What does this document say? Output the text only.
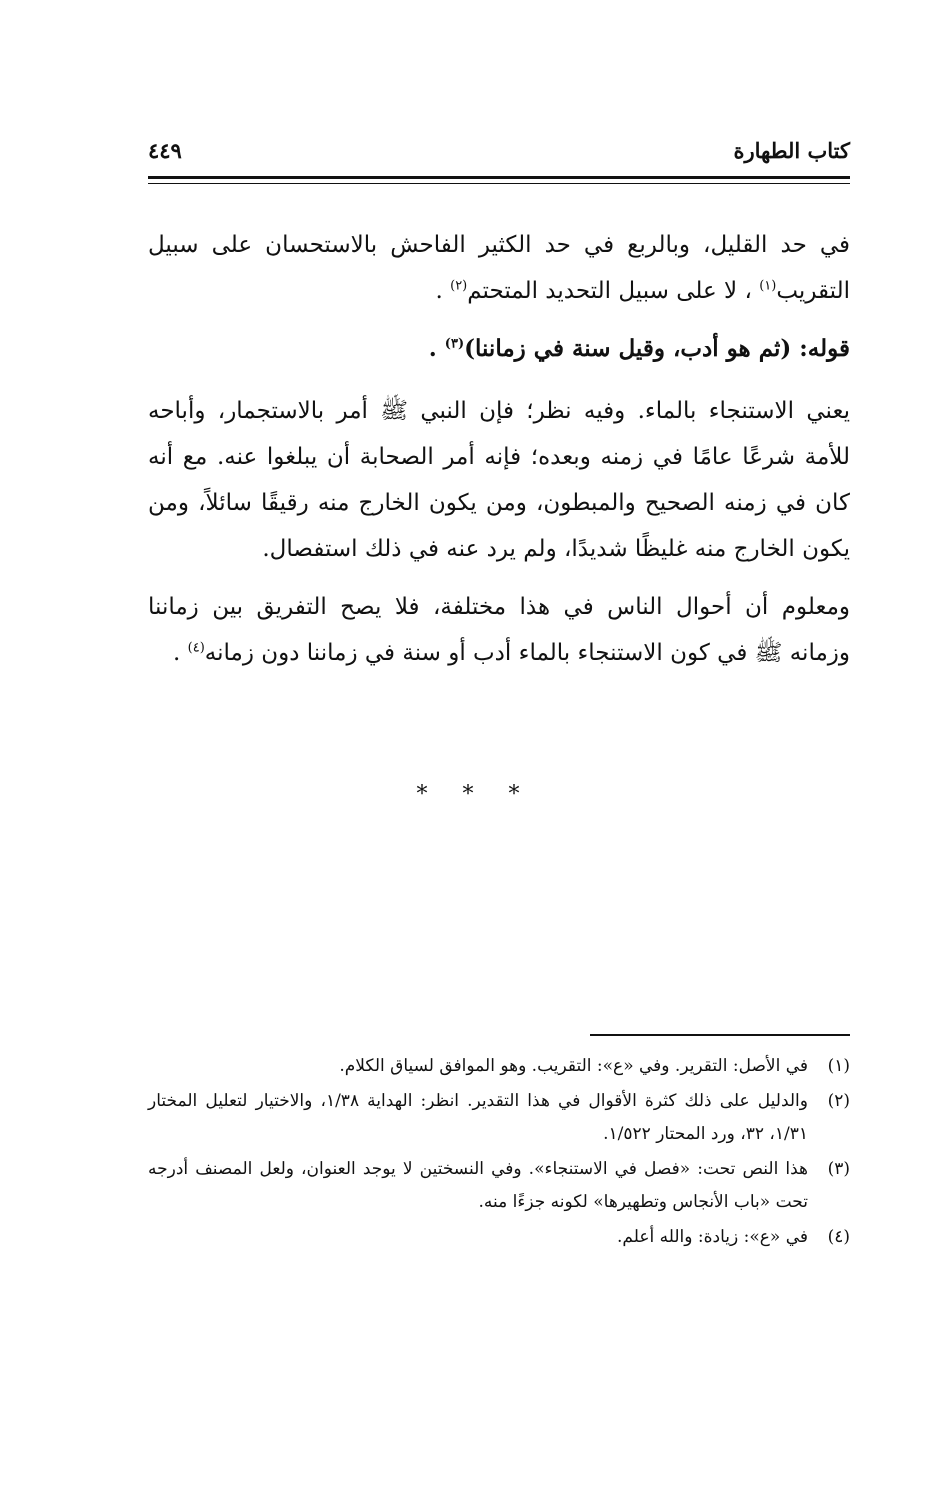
كتاب الطهارة
٤٤٩

في حد القليل، وبالربع في حد الكثير الفاحش بالاستحسان على سبيل التقريب$^{(١)}$ ، لا على سبيل التحديد المتحتم$^{(٢)}$ .

قوله: (ثم هو أدب، وقيل سنة في زماننا)$^{(٣)}$ .

يعني الاستنجاء بالماء. وفيه نظر؛ فإن النبي ﷺ أمر بالاستجمار، وأباحه للأمة شرعًا عامًا في زمنه وبعده؛ فإنه أمر الصحابة أن يبلغوا عنه. مع أنه كان في زمنه الصحيح والمبطون، ومن يكون الخارج منه رقيقًا سائلاً، ومن يكون الخارج منه غليظًا شديدًا، ولم يرد عنه في ذلك استفصال.

ومعلوم أن أحوال الناس في هذا مختلفة، فلا يصح التفريق بين زماننا وزمانه ﷺ في كون الاستنجاء بالماء أدب أو سنة في زماننا دون زمانه$^{(٤)}$ .

* * *

(١)
في الأصل: التقرير. وفي «ع»: التقريب. وهو الموافق لسياق الكلام.

(٢)
والدليل على ذلك كثرة الأقوال في هذا التقدير. انظر: الهداية ١/٣٨، والاختيار لتعليل المختار ١/٣١، ٣٢، ورد المحتار ١/٥٢٢.

(٣)
هذا النص تحت: «فصل في الاستنجاء». وفي النسختين لا يوجد العنوان، ولعل المصنف أدرجه تحت «باب الأنجاس وتطهيرها» لكونه جزءًا منه.

(٤)
في «ع»: زيادة: والله أعلم.
